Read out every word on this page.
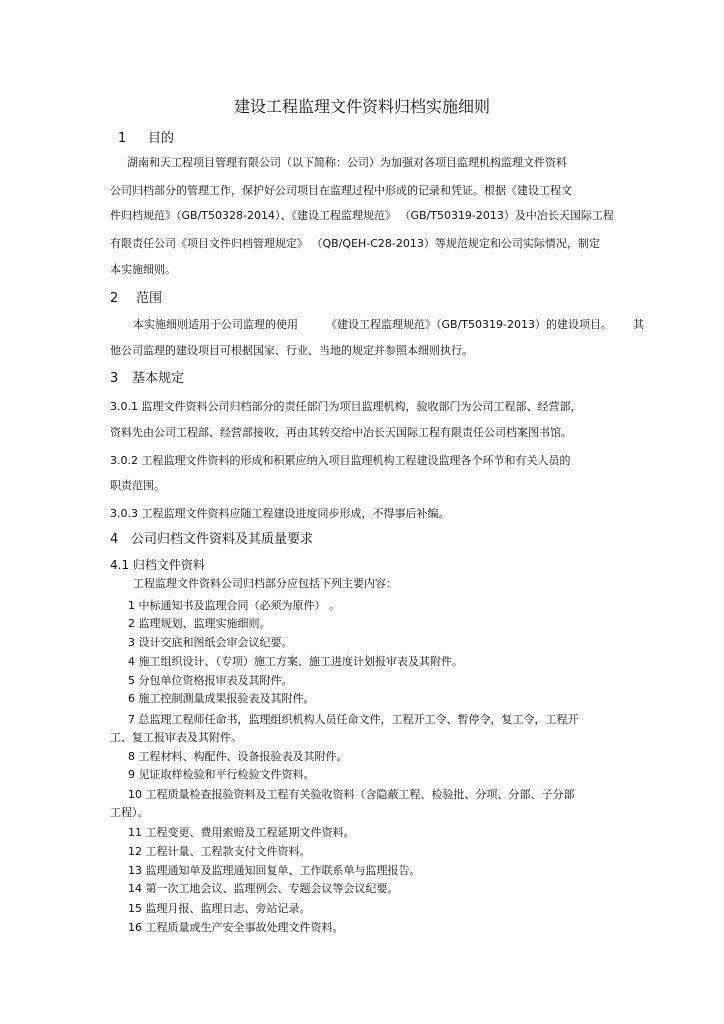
建设工程监理文件资料归档实施细则
1 目的
湖南和天工程项目管理有限公司（以下简称：公司）为加强对各项目监理机构监理文件资料
公司归档部分的管理工作，保护好公司项目在监理过程中形成的记录和凭证。根据《建设工程文
件归档规范》（GB/T50328-2014）、《建设工程监理规范》 （GB/T50319-2013）及中冶长天国际工程
有限责任公司《项目文件归档管理规定》 （QB/QEH-C28-2013）等规范规定和公司实际情况，制定
本实施细则。
2 范围
本实施细则适用于公司监理的使用	《建设工程监理规范》（GB/T50319-2013）的建设项目。 其
他公司监理的建设项目可根据国家、行业、当地的规定并参照本细则执行。
3 基本规定
3.0.1 监理文件资料公司归档部分的责任部门为项目监理机构，验收部门为公司工程部、经营部，
资料先由公司工程部、经营部接收，再由其转交给中冶长天国际工程有限责任公司档案图书馆。
3.0.2 工程监理文件资料的形成和积累应纳入项目监理机构工程建设监理各个环节和有关人员的
职责范围。
3.0.3 工程监理文件资料应随工程建设进度同步形成，不得事后补编。
4 公司归档文件资料及其质量要求
4.1 归档文件资料
工程监理文件资料公司归档部分应包括下列主要内容：
1 中标通知书及监理合同（必须为原件） 。
2 监理规划、监理实施细则。
3 设计交底和图纸会审会议纪要。
4 施工组织设计、（专项）施工方案、施工进度计划报审表及其附件。
5 分包单位资格报审表及其附件。
6 施工控制测量成果报验表及其附件。
7 总监理工程师任命书，监理组织机构人员任命文件，工程开工令、暂停令，复工令，工程开
工、复工报审表及其附件。
8 工程材料、构配件、设备报验表及其附件。
9 见证取样检验和平行检验文件资料。
10 工程质量检查报验资料及工程有关验收资料（含隐蔽工程、检验批、分项、分部、子分部
工程）。
11 工程变更、费用索赔及工程延期文件资料。
12 工程计量、工程款支付文件资料。
13 监理通知单及监理通知回复单、工作联系单与监理报告。
14 第一次工地会议、监理例会、专题会议等会议纪要。
15 监理月报、监理日志、旁站记录。
16 工程质量或生产安全事故处理文件资料。
